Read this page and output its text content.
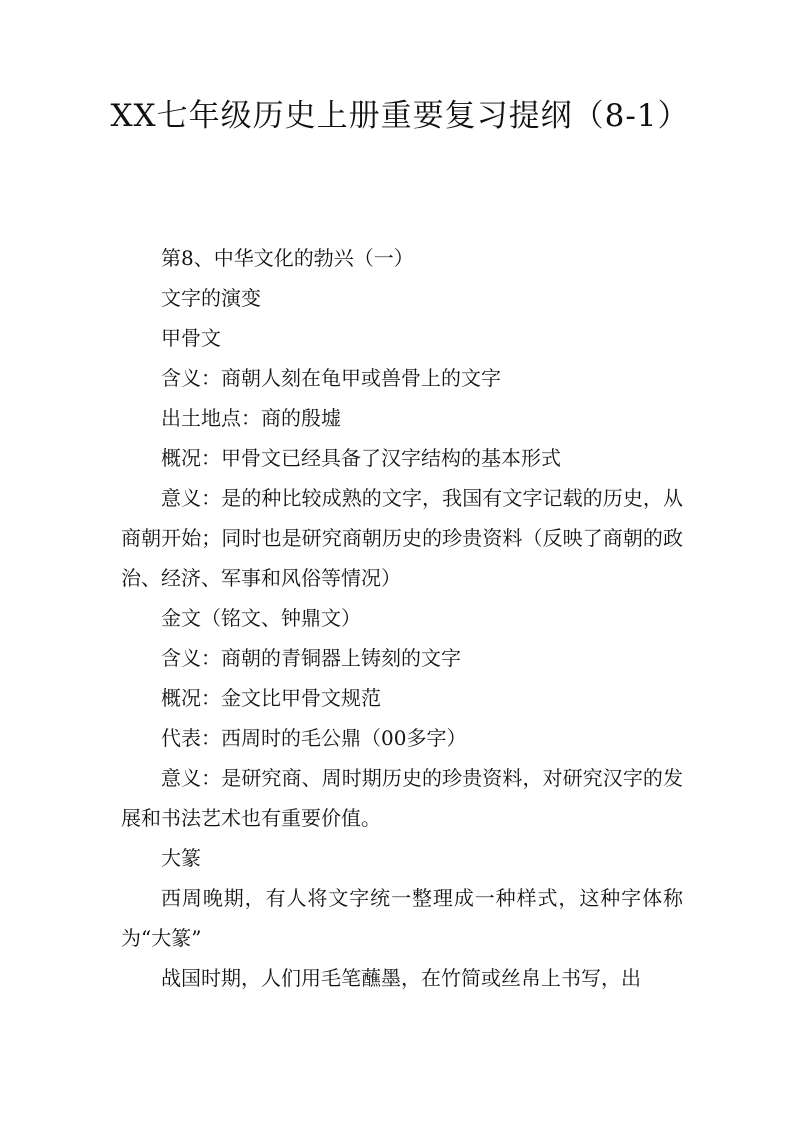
XX七年级历史上册重要复习提纲（8-1）
第8、中华文化的勃兴（一）
文字的演变
甲骨文
含义：商朝人刻在龟甲或兽骨上的文字
出土地点：商的殷墟
概况：甲骨文已经具备了汉字结构的基本形式
意义：是的种比较成熟的文字，我国有文字记载的历史，从商朝开始；同时也是研究商朝历史的珍贵资料（反映了商朝的政治、经济、军事和风俗等情况）
金文（铭文、钟鼎文）
含义：商朝的青铜器上铸刻的文字
概况：金文比甲骨文规范
代表：西周时的毛公鼎（00多字）
意义：是研究商、周时期历史的珍贵资料，对研究汉字的发展和书法艺术也有重要价值。
大篆
西周晚期，有人将文字统一整理成一种样式，这种字体称为“大篆”
战国时期，人们用毛笔蘸墨，在竹简或丝帛上书写，出
